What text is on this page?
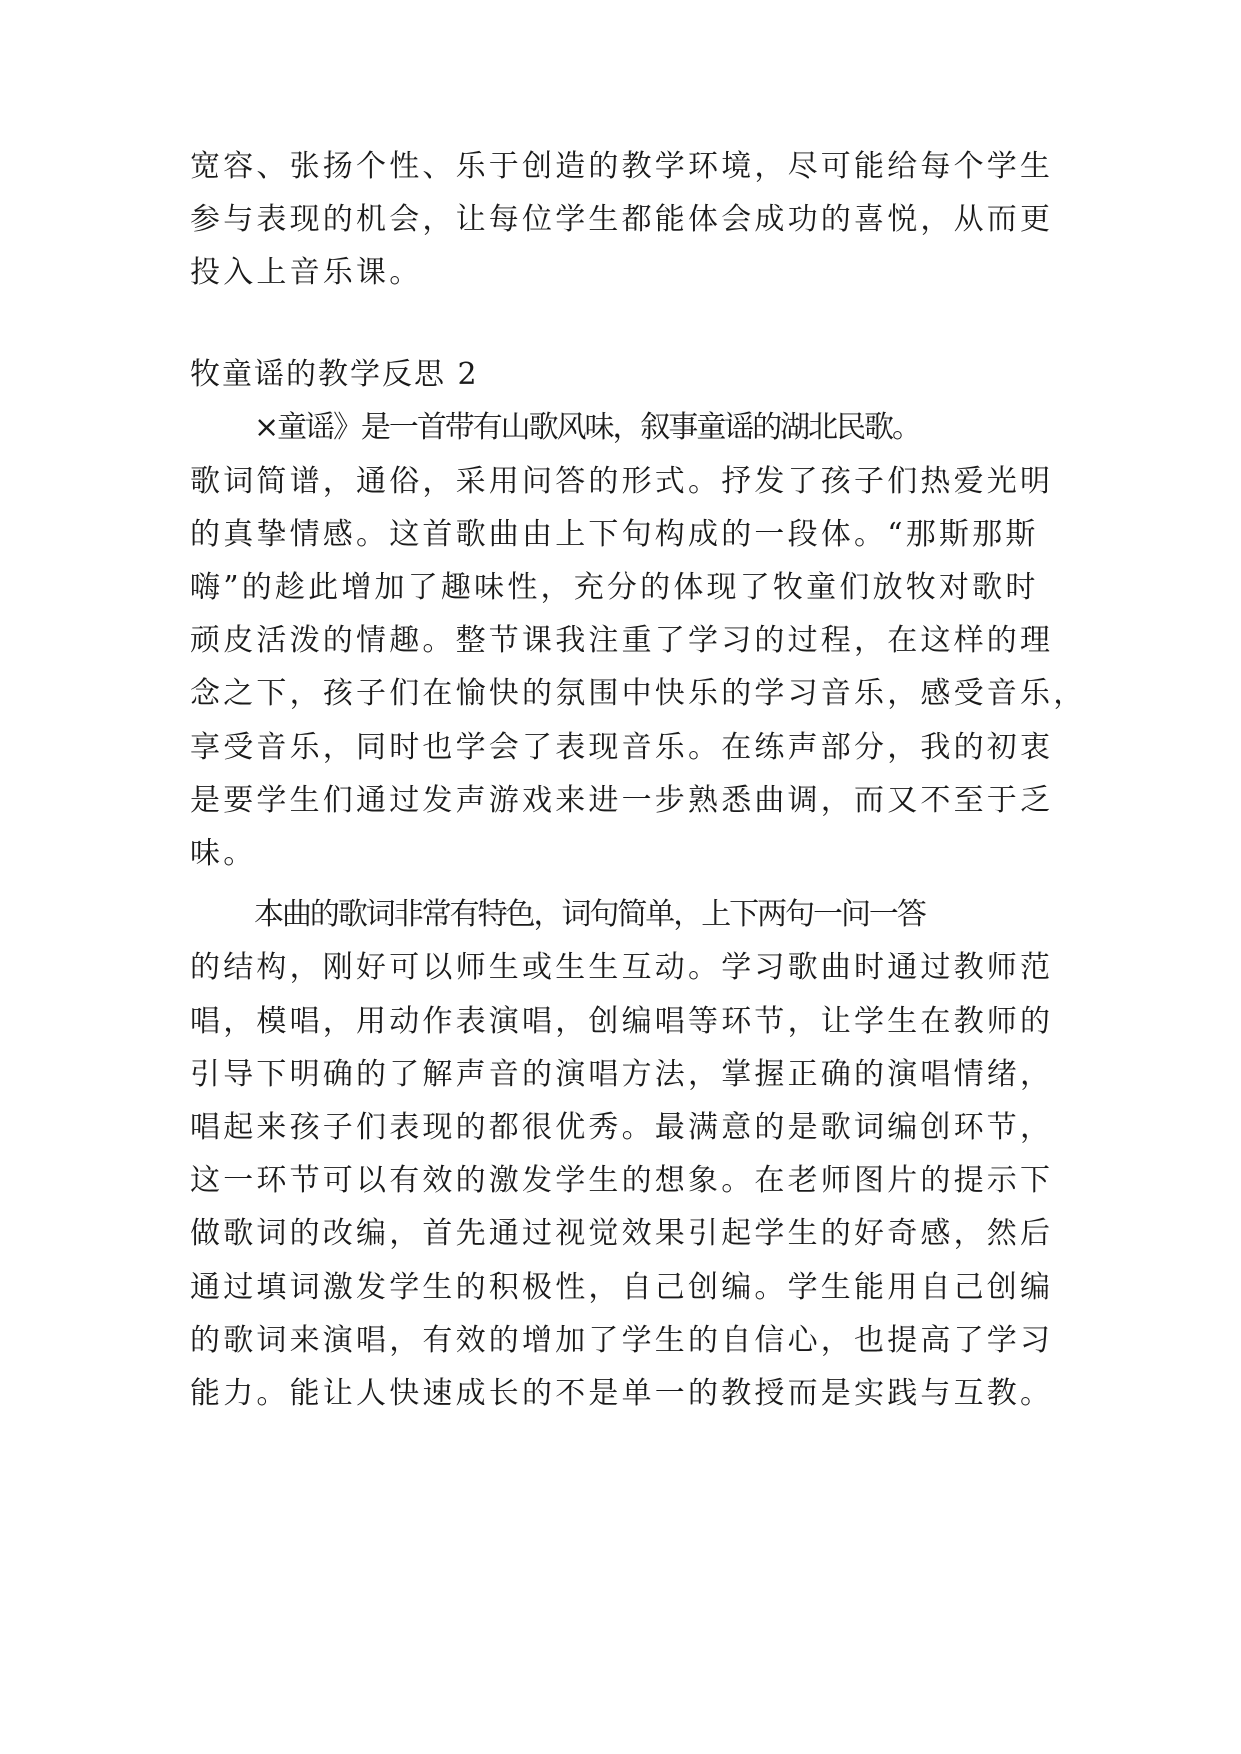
宽容、张扬个性、乐于创造的教学环境，尽可能给每个学生

参与表现的机会，让每位学生都能体会成功的喜悦，从而更

投入上音乐课。

牧童谣的教学反思 2

×童谣》是一首带有山歌风味，叙事童谣的湖北民歌。

歌词简谱，通俗，采用问答的形式。抒发了孩子们热爱光明

的真挚情感。这首歌曲由上下句构成的一段体。“那斯那斯

嗨”的趁此增加了趣味性，充分的体现了牧童们放牧对歌时

顽皮活泼的情趣。整节课我注重了学习的过程，在这样的理

念之下，孩子们在愉快的氛围中快乐的学习音乐，感受音乐，

享受音乐，同时也学会了表现音乐。在练声部分，我的初衷

是要学生们通过发声游戏来进一步熟悉曲调，而又不至于乏

味。

本曲的歌词非常有特色，词句简单，上下两句一问一答

的结构，刚好可以师生或生生互动。学习歌曲时通过教师范

唱，模唱，用动作表演唱，创编唱等环节，让学生在教师的

引导下明确的了解声音的演唱方法，掌握正确的演唱情绪，

唱起来孩子们表现的都很优秀。最满意的是歌词编创环节，

这一环节可以有效的激发学生的想象。在老师图片的提示下

做歌词的改编，首先通过视觉效果引起学生的好奇感，然后

通过填词激发学生的积极性，自己创编。学生能用自己创编

的歌词来演唱，有效的增加了学生的自信心，也提高了学习

能力。能让人快速成长的不是单一的教授而是实践与互教。
